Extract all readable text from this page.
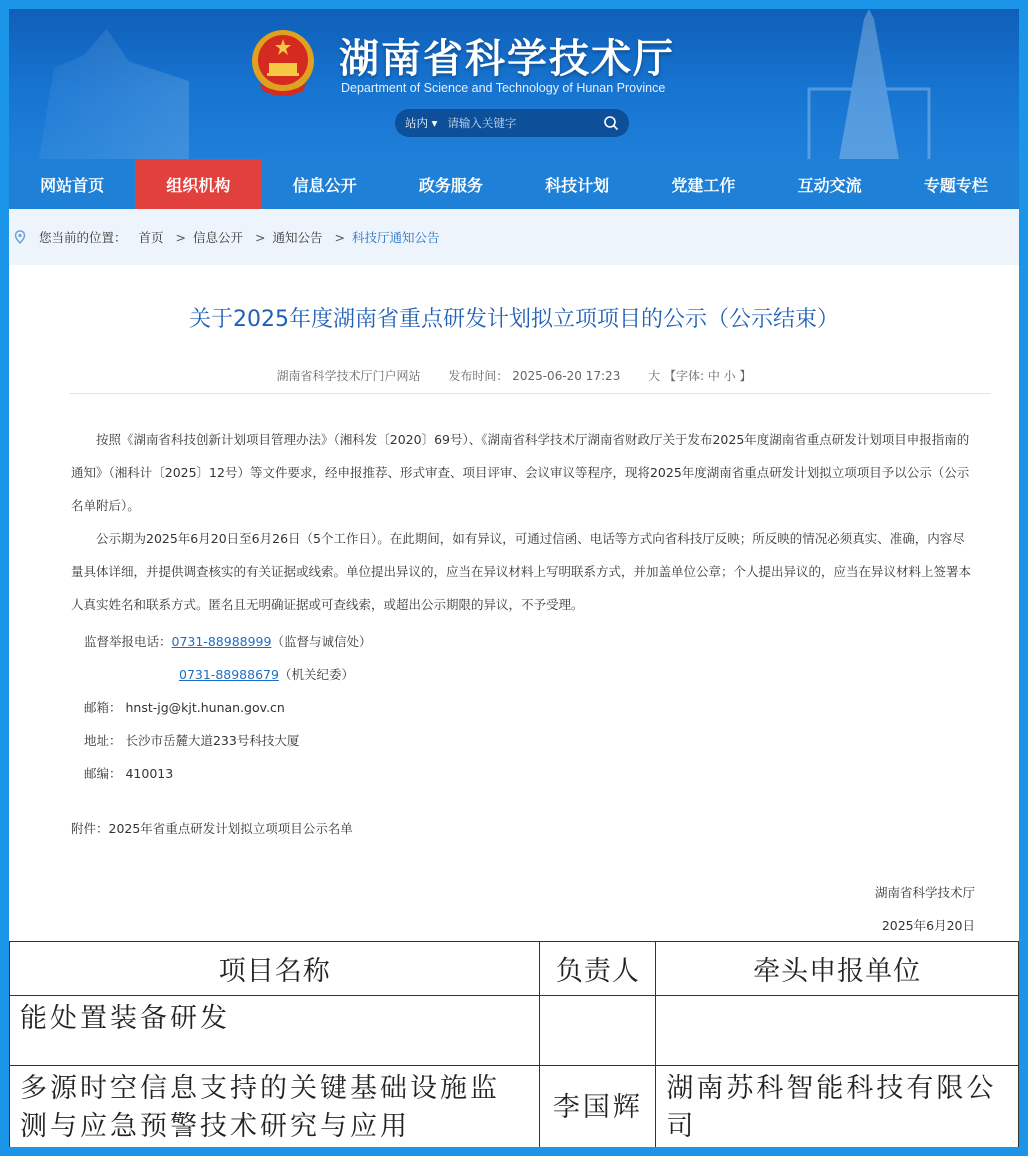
湖南省科学技术厅
Department of Science and Technology of Hunan Province
站内 ▾
请输入关键字
网站首页	组织机构	信息公开	政务服务	科技计划	党建工作	互动交流	专题专栏
您当前的位置： 首页 > 信息公开 > 通知公告 > 科技厅通知公告
关于2025年度湖南省重点研发计划拟立项项目的公示（公示结束）
湖南省科学技术厅门户网站 发布时间： 2025-06-20 17:23 大 【字体: 中 小 】

按照《湖南省科技创新计划项目管理办法》（湘科发〔2020〕69号）、《湖南省科学技术厅湖南省财政厅关于发布2025年度湖南省重点研发计划项目申报指南的通知》（湘科计〔2025〕12号）等文件要求，经申报推荐、形式审查、项目评审、会议审议等程序，现将2025年度湖南省重点研发计划拟立项项目予以公示（公示名单附后）。

公示期为2025年6月20日至6月26日（5个工作日）。在此期间，如有异议，可通过信函、电话等方式向省科技厅反映；所反映的情况必须真实、准确，内容尽量具体详细，并提供调查核实的有关证据或线索。单位提出异议的，应当在异议材料上写明联系方式，并加盖单位公章；个人提出异议的，应当在异议材料上签署本人真实姓名和联系方式。匿名且无明确证据或可查线索，或超出公示期限的异议，不予受理。

监督举报电话：0731-88988999（监督与诚信处）
0731-88988679（机关纪委）
邮箱： hnst-jg@kjt.hunan.gov.cn
地址： 长沙市岳麓大道233号科技大厦
邮编： 410013
附件：2025年省重点研发计划拟立项项目公示名单
湖南省科学技术厅
2025年6月20日
项目名称	负责人	牵头申报单位
能处置装备研发		
多源时空信息支持的关键基础设施监测与应急预警技术研究与应用	李国辉	湖南苏科智能科技有限公司
